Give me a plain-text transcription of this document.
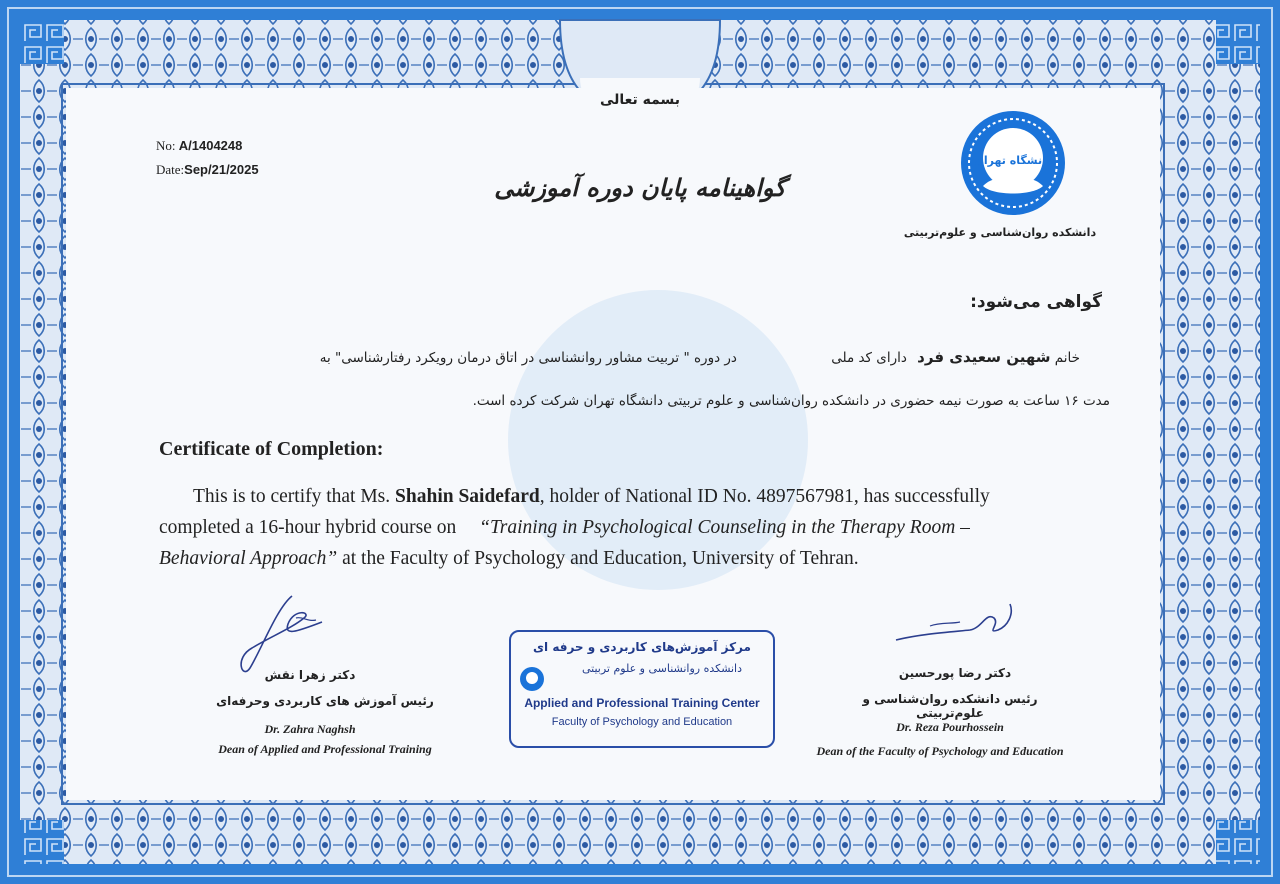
بسمه تعالی

No: A/1404248

Date:Sep/21/2025

گواهینامه پایان دوره آموزشی
دانشگاه تهران

دانشکده روان‌شناسی و علوم‌تربیتی

گواهی می‌شود:

خانم شهین سعیدی فرد دارای کد ملی در دوره " تربیت مشاور روانشناسی در اتاق درمان رویکرد رفتارشناسی" به

مدت ۱۶ ساعت به صورت نیمه حضوری در دانشکده روان‌شناسی و علوم تربیتی دانشگاه تهران شرکت کرده است.

Certificate of Completion:

This is to certify that Ms. Shahin Saidefard, holder of National ID No. 4897567981, has successfully

completed a 16-hour hybrid course on “Training in Psychological Counseling in the Therapy Room –

Behavioral Approach” at the Faculty of Psychology and Education, University of Tehran.

دکتر زهرا نقش

رئیس آموزش های کاربردی وحرفه‌ای

Dr. Zahra Naghsh

Dean of Applied and Professional Training

مرکز آموزش‌های کاربردی و حرفه ای
دانشکده روانشناسی و علوم تربیتی
Applied and Professional Training Center
Faculty of Psychology and Education

دکتر رضا پورحسین

رئیس دانشکده روان‌شناسی و علوم‌تربیتی

Dr. Reza Pourhossein

Dean of the Faculty of Psychology and Education
